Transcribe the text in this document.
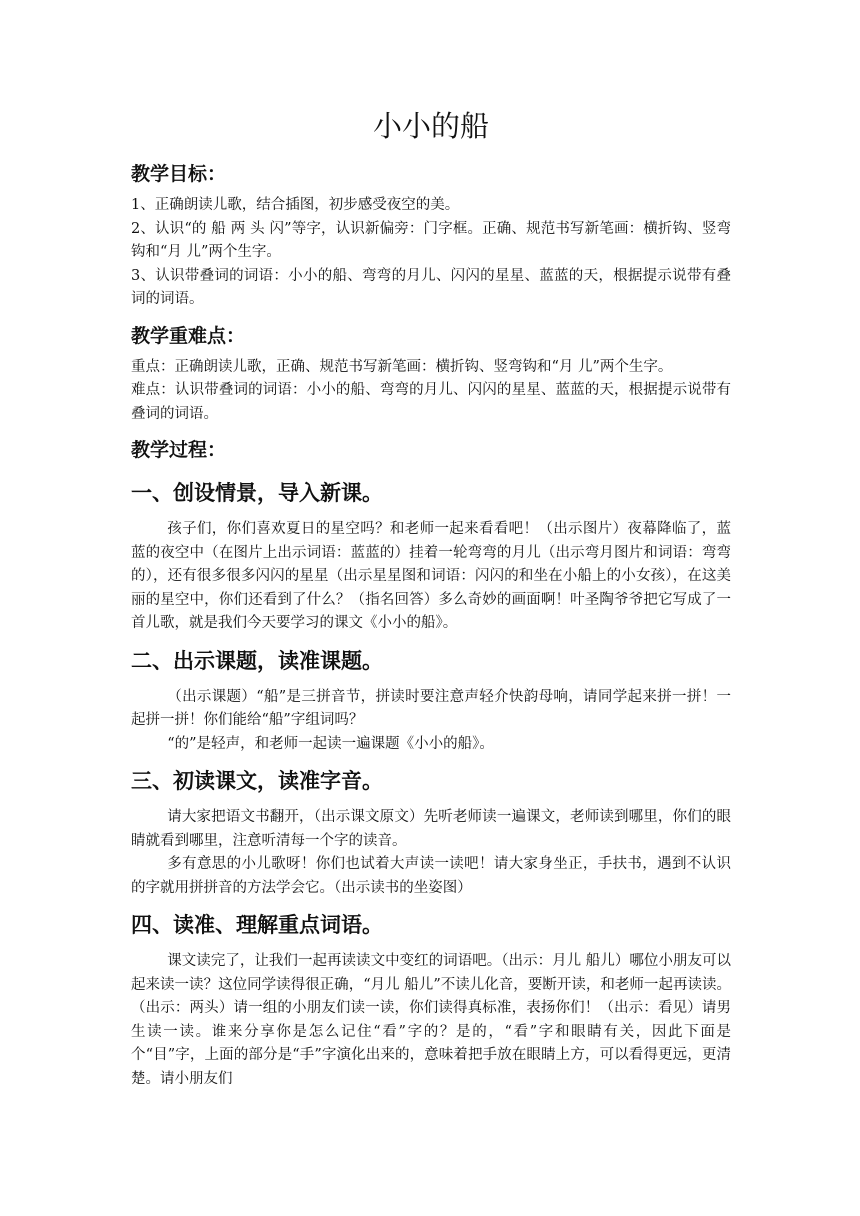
小小的船
教学目标：

1、正确朗读儿歌，结合插图，初步感受夜空的美。

2、认识“的 船 两 头 闪”等字，认识新偏旁：门字框。正确、规范书写新笔画：横折钩、竖弯钩和“月 儿”两个生字。

3、认识带叠词的词语：小小的船、弯弯的月儿、闪闪的星星、蓝蓝的天，根据提示说带有叠词的词语。

教学重难点：

重点：正确朗读儿歌，正确、规范书写新笔画：横折钩、竖弯钩和“月 儿”两个生字。

难点：认识带叠词的词语：小小的船、弯弯的月儿、闪闪的星星、蓝蓝的天，根据提示说带有叠词的词语。

教学过程：
一、创设情景，导入新课。

孩子们，你们喜欢夏日的星空吗？和老师一起来看看吧！（出示图片）夜幕降临了，蓝蓝的夜空中（在图片上出示词语：蓝蓝的）挂着一轮弯弯的月儿（出示弯月图片和词语：弯弯的），还有很多很多闪闪的星星（出示星星图和词语：闪闪的和坐在小船上的小女孩），在这美丽的星空中，你们还看到了什么？（指名回答）多么奇妙的画面啊！叶圣陶爷爷把它写成了一首儿歌，就是我们今天要学习的课文《小小的船》。

二、出示课题，读准课题。

（出示课题）“船”是三拼音节，拼读时要注意声轻介快韵母响，请同学起来拼一拼！一起拼一拼！你们能给“船”字组词吗？

“的”是轻声，和老师一起读一遍课题《小小的船》。

三、初读课文，读准字音。

请大家把语文书翻开，（出示课文原文）先听老师读一遍课文，老师读到哪里，你们的眼睛就看到哪里，注意听清每一个字的读音。

多有意思的小儿歌呀！你们也试着大声读一读吧！请大家身坐正，手扶书，遇到不认识的字就用拼拼音的方法学会它。（出示读书的坐姿图）

四、读准、理解重点词语。

课文读完了，让我们一起再读读文中变红的词语吧。（出示：月儿 船儿）哪位小朋友可以起来读一读？这位同学读得很正确，“月儿 船儿”不读儿化音，要断开读，和老师一起再读读。（出示：两头）请一组的小朋友们读一读，你们读得真标准，表扬你们！（出示：看见）请男生读一读。谁来分享你是怎么记住“看”字的？是的，“看”字和眼睛有关，因此下面是个“目”字，上面的部分是“手”字演化出来的，意味着把手放在眼睛上方，可以看得更远，更清楚。请小朋友们
